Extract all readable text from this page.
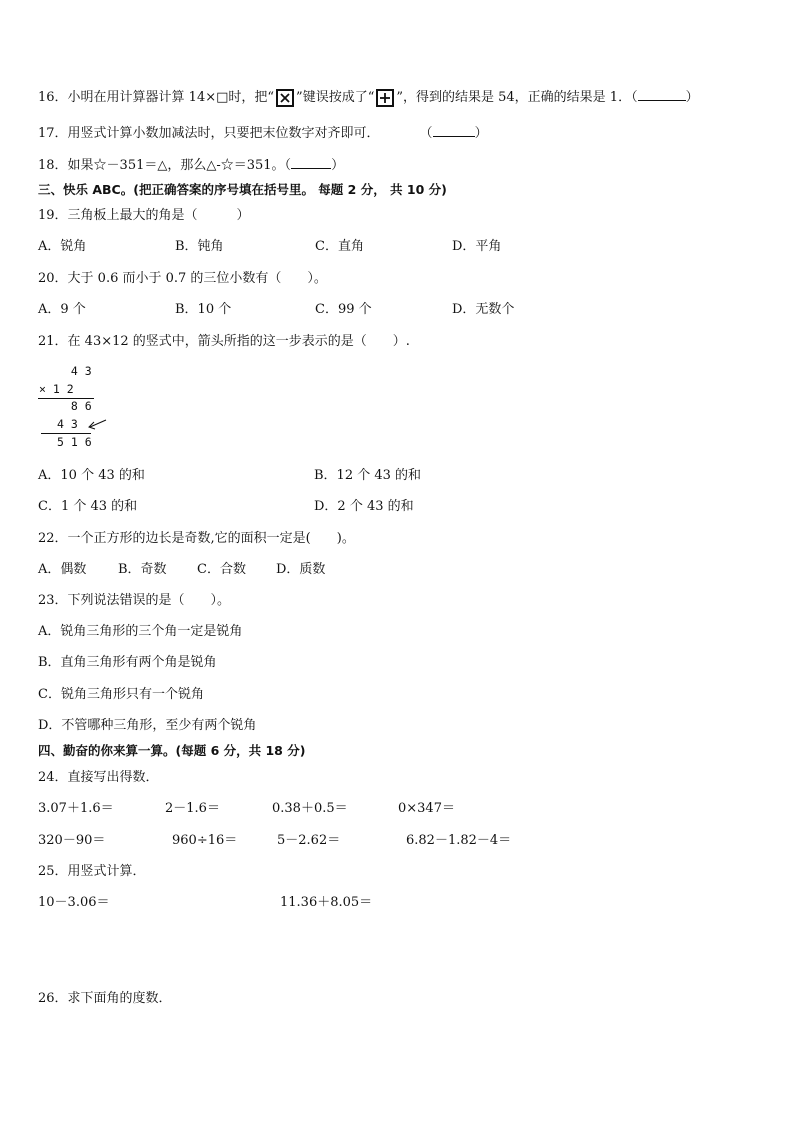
16．小明在用计算器计算 14×□时，把“ ”键误按成了“ ”，得到的结果是 54，正确的结果是 1．（	）
17．用竖式计算小数加减法时，只要把末位数字对齐即可．	（	）
18．如果☆－351＝△，那么△-☆＝351。（	）
三、快乐 ABC。(把正确答案的序号填在括号里。 每题 2 分， 共 10 分)
19．三角板上最大的角是（　　　）
A．锐角	B．钝角	C．直角	D．平角
20．大于 0.6 而小于 0.7 的三位小数有（　　）。
A．9 个	B．10 个	C．99 个	D．无数个
21．在 43×12 的竖式中，箭头所指的这一步表示的是（　　）.
4 3
× 1 2
8 6
4 3
5 1 6
A．10 个 43 的和	B．12 个 43 的和
C．1 个 43 的和	D．2 个 43 的和
22．一个正方形的边长是奇数,它的面积一定是(　　)。
A．偶数 B．奇数 C．合数 D．质数
23．下列说法错误的是（　　）。
A．锐角三角形的三个角一定是锐角
B．直角三角形有两个角是锐角
C．锐角三角形只有一个锐角
D．不管哪种三角形，至少有两个锐角
四、勤奋的你来算一算。(每题 6 分，共 18 分)
24．直接写出得数．
3.07＋1.6＝	2－1.6＝	0.38＋0.5＝	0×347＝
320－90＝	960÷16＝	5－2.62＝	6.82－1.82－4＝
25．用竖式计算．
10－3.06＝	11.36＋8.05＝
26．求下面角的度数．
